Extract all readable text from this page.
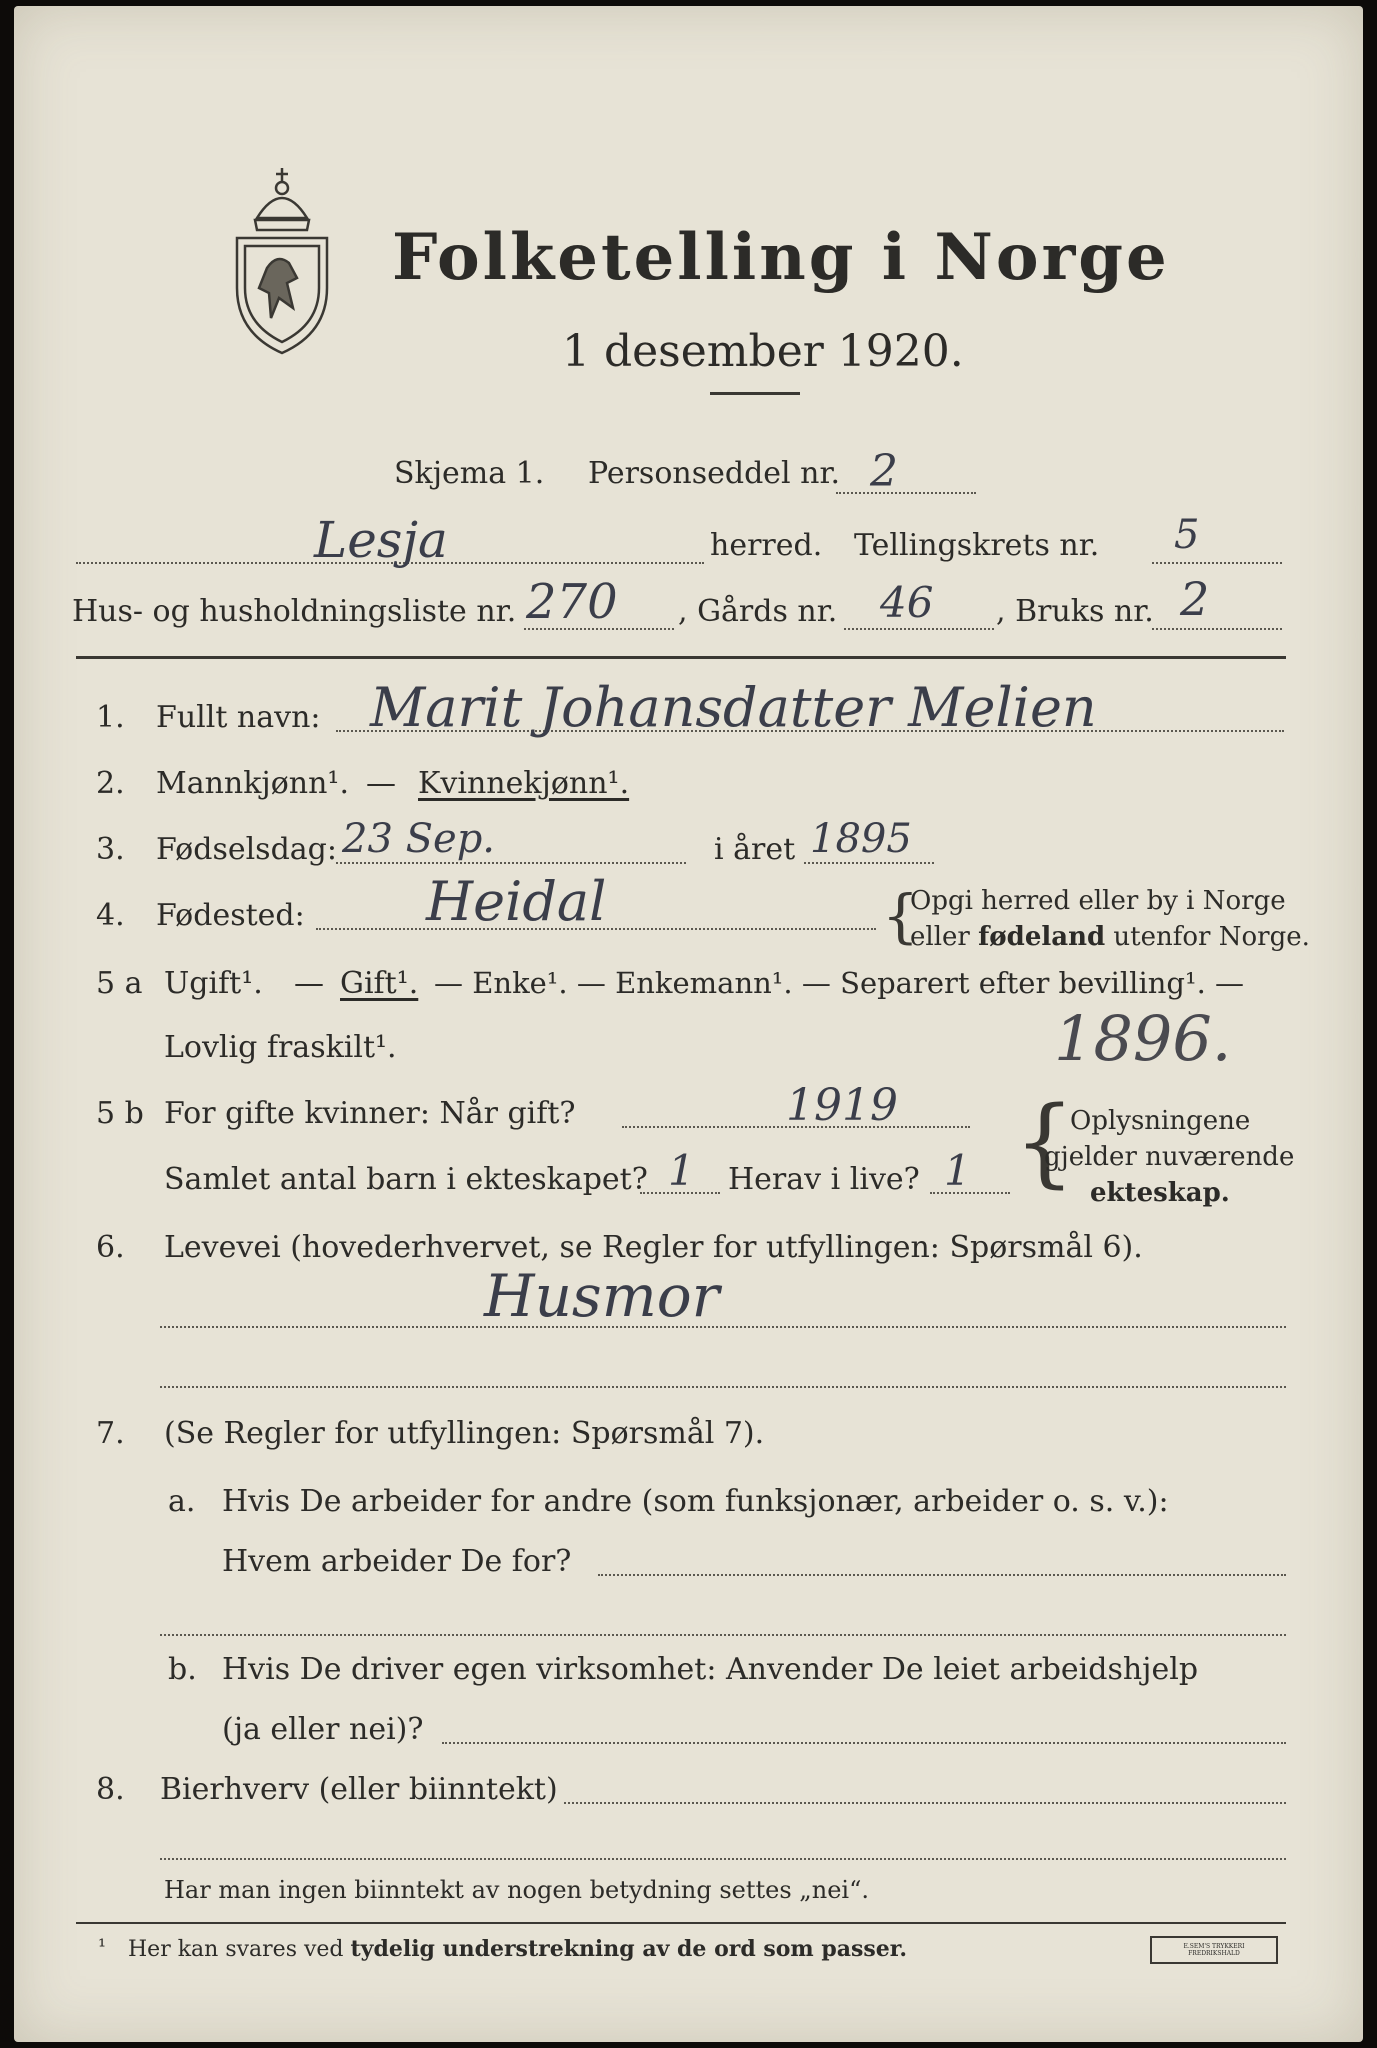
Folketelling i Norge
1 desember 1920.
Skjema 1. Personseddel nr. 2
Lesja	herred. Tellingskrets nr. 5
Hus- og husholdningsliste nr. 270 , Gårds nr. 46 , Bruks nr. 2
1. Fullt navn: Marit Johansdatter Melien
2. Mannkjønn¹. — Kvinnekjønn¹.
3. Fødselsdag: 23 Sep.	i året 1895
4. Fødested: Heidal	{
Opgi herred eller by i Norge
eller fødeland utenfor Norge.
5 a Ugift¹. — Gift¹. — Enke¹. — Enkemann¹. — Separert efter bevilling¹. —
Lovlig fraskilt¹.	1896.
5 b For gifte kvinner: Når gift?	1919
Samlet antal barn i ekteskapet? 1 Herav i live? 1 {
Oplysningene
gjelder nuværende
ekteskap.
6. Levevei (hovederhvervet, se Regler for utfyllingen: Spørsmål 6).
Husmor
7. (Se Regler for utfyllingen: Spørsmål 7).
a. Hvis De arbeider for andre (som funksjonær, arbeider o. s. v.):
Hvem arbeider De for?
b. Hvis De driver egen virksomhet: Anvender De leiet arbeidshjelp
(ja eller nei)?
8. Bierhverv (eller biinntekt)
Har man ingen biinntekt av nogen betydning settes „nei“.
¹ Her kan svares ved tydelig understrekning av de ord som passer.	E.SEM'S TRYKKERI FREDRIKSHALD
